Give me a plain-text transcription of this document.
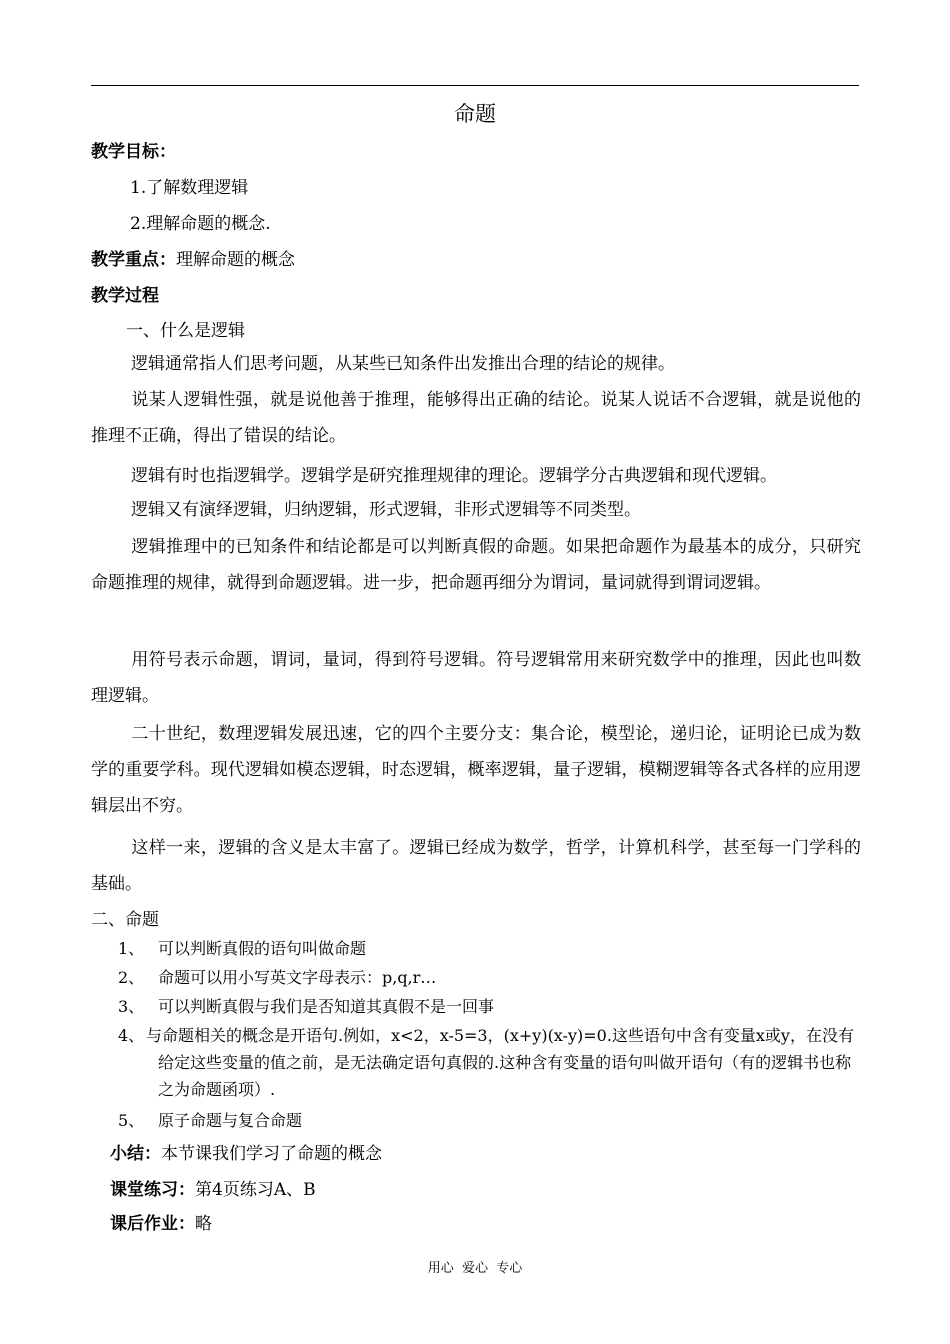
命题
教学目标：
1.了解数理逻辑
2.理解命题的概念.
教学重点：理解命题的概念
教学过程
一、什么是逻辑
逻辑通常指人们思考问题，从某些已知条件出发推出合理的结论的规律。
说某人逻辑性强，就是说他善于推理，能够得出正确的结论。说某人说话不合逻辑，就是说他的推理不正确，得出了错误的结论。
逻辑有时也指逻辑学。逻辑学是研究推理规律的理论。逻辑学分古典逻辑和现代逻辑。
逻辑又有演绎逻辑，归纳逻辑，形式逻辑，非形式逻辑等不同类型。
逻辑推理中的已知条件和结论都是可以判断真假的命题。如果把命题作为最基本的成分，只研究命题推理的规律，就得到命题逻辑。进一步，把命题再细分为谓词，量词就得到谓词逻辑。
用符号表示命题，谓词，量词，得到符号逻辑。符号逻辑常用来研究数学中的推理，因此也叫数理逻辑。
二十世纪，数理逻辑发展迅速，它的四个主要分支：集合论，模型论，递归论，证明论已成为数学的重要学科。现代逻辑如模态逻辑，时态逻辑，概率逻辑，量子逻辑，模糊逻辑等各式各样的应用逻辑层出不穷。
这样一来，逻辑的含义是太丰富了。逻辑已经成为数学，哲学，计算机科学，甚至每一门学科的基础。
二、命题
1、 可以判断真假的语句叫做命题
2、 命题可以用小写英文字母表示：p,q,r…
3、 可以判断真假与我们是否知道其真假不是一回事
4、 与命题相关的概念是开语句.例如，x<2，x-5=3，(x+y)(x-y)=0.这些语句中含有变量x或y，在没有给定这些变量的值之前，是无法确定语句真假的.这种含有变量的语句叫做开语句（有的逻辑书也称之为命题函项）.
5、 原子命题与复合命题
小结：本节课我们学习了命题的概念
课堂练习：第4页练习A、B
课后作业：略
用心  爱心  专心
